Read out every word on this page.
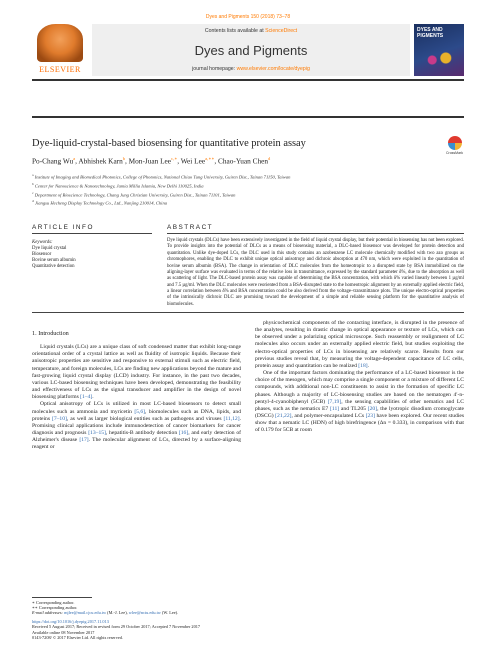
Dyes and Pigments 150 (2018) 73–78
ELSEVIER
Contents lists available at ScienceDirect
Dyes and Pigments
journal homepage: www.elsevier.com/locate/dyepig
DYES AND PIGMENTS
Dye-liquid-crystal-based biosensing for quantitative protein assay
CrossMark
Po-Chang Wu$^a$, Abhishek Karn$^b$, Mon-Juan Lee$^{c,∗}$, Wei Lee$^{a,∗∗}$, Chao-Yuan Chen$^d$
$^a$ Institute of Imaging and Biomedical Photonics, College of Photonics, National Chiao Tung University, Guiren Dist., Tainan 71150, Taiwan
$^b$ Center for Nanoscience & Nanotechnology, Jamia Millia Islamia, New Delhi 110025, India
$^c$ Department of Bioscience Technology, Chang Jung Christian University, Guiren Dist., Tainan 71101, Taiwan
$^d$ Jiangsu Hecheng Display Technology Co., Ltd., Nanjing 210014, China
ARTICLE INFO	ABSTRACT
Keywords:
Dye liquid crystal
Biosensor
Bovine serum albumin
Quantitative detection
Dye liquid crystals (DLCs) have been extensively investigated in the field of liquid crystal display, but their potential in biosensing has not been explored. To provide insights into the potential of DLCs as a means of biosensing material, a DLC-based biosensor was developed for protein detection and quantitation. Unlike dye-doped LCs, the DLC used in this study contains an azobenzene LC molecule chemically modified with two azo groups as chromophores, enabling the DLC to exhibit unique optical anisotropy and dichroic absorption at 470 nm, which were exploited in the quantitation of bovine serum albumin (BSA). The change in orientation of DLC molecules from the homeotropic to a disrupted state by BSA immobilized on the aligning-layer surface was evaluated in terms of the relative loss in transmittance, expressed by the standard parameter δ%, due to the absorption as well as scattering of light. The DLC-based protein assay was capable of determining the BSA concentration, with which δ% varied linearly between 1 µg/ml and 7.5 µg/ml. When the DLC molecules were reoriented from a BSA-disrupted state to the homeotropic alignment by an externally applied electric field, a linear correlation between δ% and BSA concentration could be also derived from the voltage–transmittance plots. The unique electro-optical properties of the intrinsically dichroic DLC are promising toward the development of a simple and reliable sensing platform for the quantitative analysis of biomolecules.
1. Introduction
Liquid crystals (LCs) are a unique class of soft condensed matter that exhibit long-range orientational order of a crystal lattice as well as fluidity of isotropic liquids. Because their anisotropic properties are sensitive and responsive to external stimuli such as electric field, temperature, and foreign molecules, LCs are finding new applications beyond the mature and fast-growing liquid crystal display (LCD) industry. For instance, in the past two decades, various LC-based biosensing techniques have been developed, demonstrating the feasibility and effectiveness of LCs as the signal transducer and amplifier in the design of novel biosensing platforms [1–4].
Optical anisotropy of LCs is utilized in most LC-based biosensors to detect small molecules such as ammonia and myricetin [5,6], biomolecules such as DNA, lipids, and proteins [7–10], as well as larger biological entities such as pathogens and viruses [11,12]. Promising clinical applications include immunodetection of cancer biomarkers for cancer diagnosis and prognosis [13–15], hepatitis-B antibody detection [16], and early detection of Alzheimer's disease [17]. The molecular alignment of LCs, directed by a surface-aligning reagent or
physicochemical components of the contacting interface, is disrupted in the presence of the analytes, resulting in drastic change in optical appearance or texture of LCs, which can be observed under a polarizing optical microscope. Such reassembly or realignment of LC molecules also occurs under an externally applied electric field, but studies exploiting the electro-optical properties of LCs in biosensing are relatively scarce. Results from our previous studies reveal that, by measuring the voltage-dependent capacitance of LC cells, protein assay and quantitation can be realized [18].
One of the important factors dominating the performance of a LC-based biosensor is the choice of the mesogen, which may comprise a single component or a mixture of different LC compounds, with additional non-LC constituents to assist in the formation of specific LC phases. Although a majority of LC-biosensing studies are based on the nematogen 4′-n-pentyl-4-cyanobiphenyl (5CB) [7,19], the sensing capabilities of other nematics and LC phases, such as the nematics E7 [11] and TL205 [20], the lyotropic disodium cromoglycate (DSCG) [21,22], and polymer-encapsulated LCs [23] have been explored. Our recent studies show that a nematic LC (HDN) of high birefringence (Δn = 0.333), in comparison with that of 0.179 for 5CB at room
∗ Corresponding author.
∗∗ Corresponding author.
E-mail addresses: mjlee@mail.cjcu.edu.tw (M.-J. Lee), wlee@nctu.edu.tw (W. Lee).
https://doi.org/10.1016/j.dyepig.2017.11.013
Received 5 August 2017; Received in revised form 29 October 2017; Accepted 7 November 2017
Available online 08 November 2017
0143-7208/ © 2017 Elsevier Ltd. All rights reserved.
